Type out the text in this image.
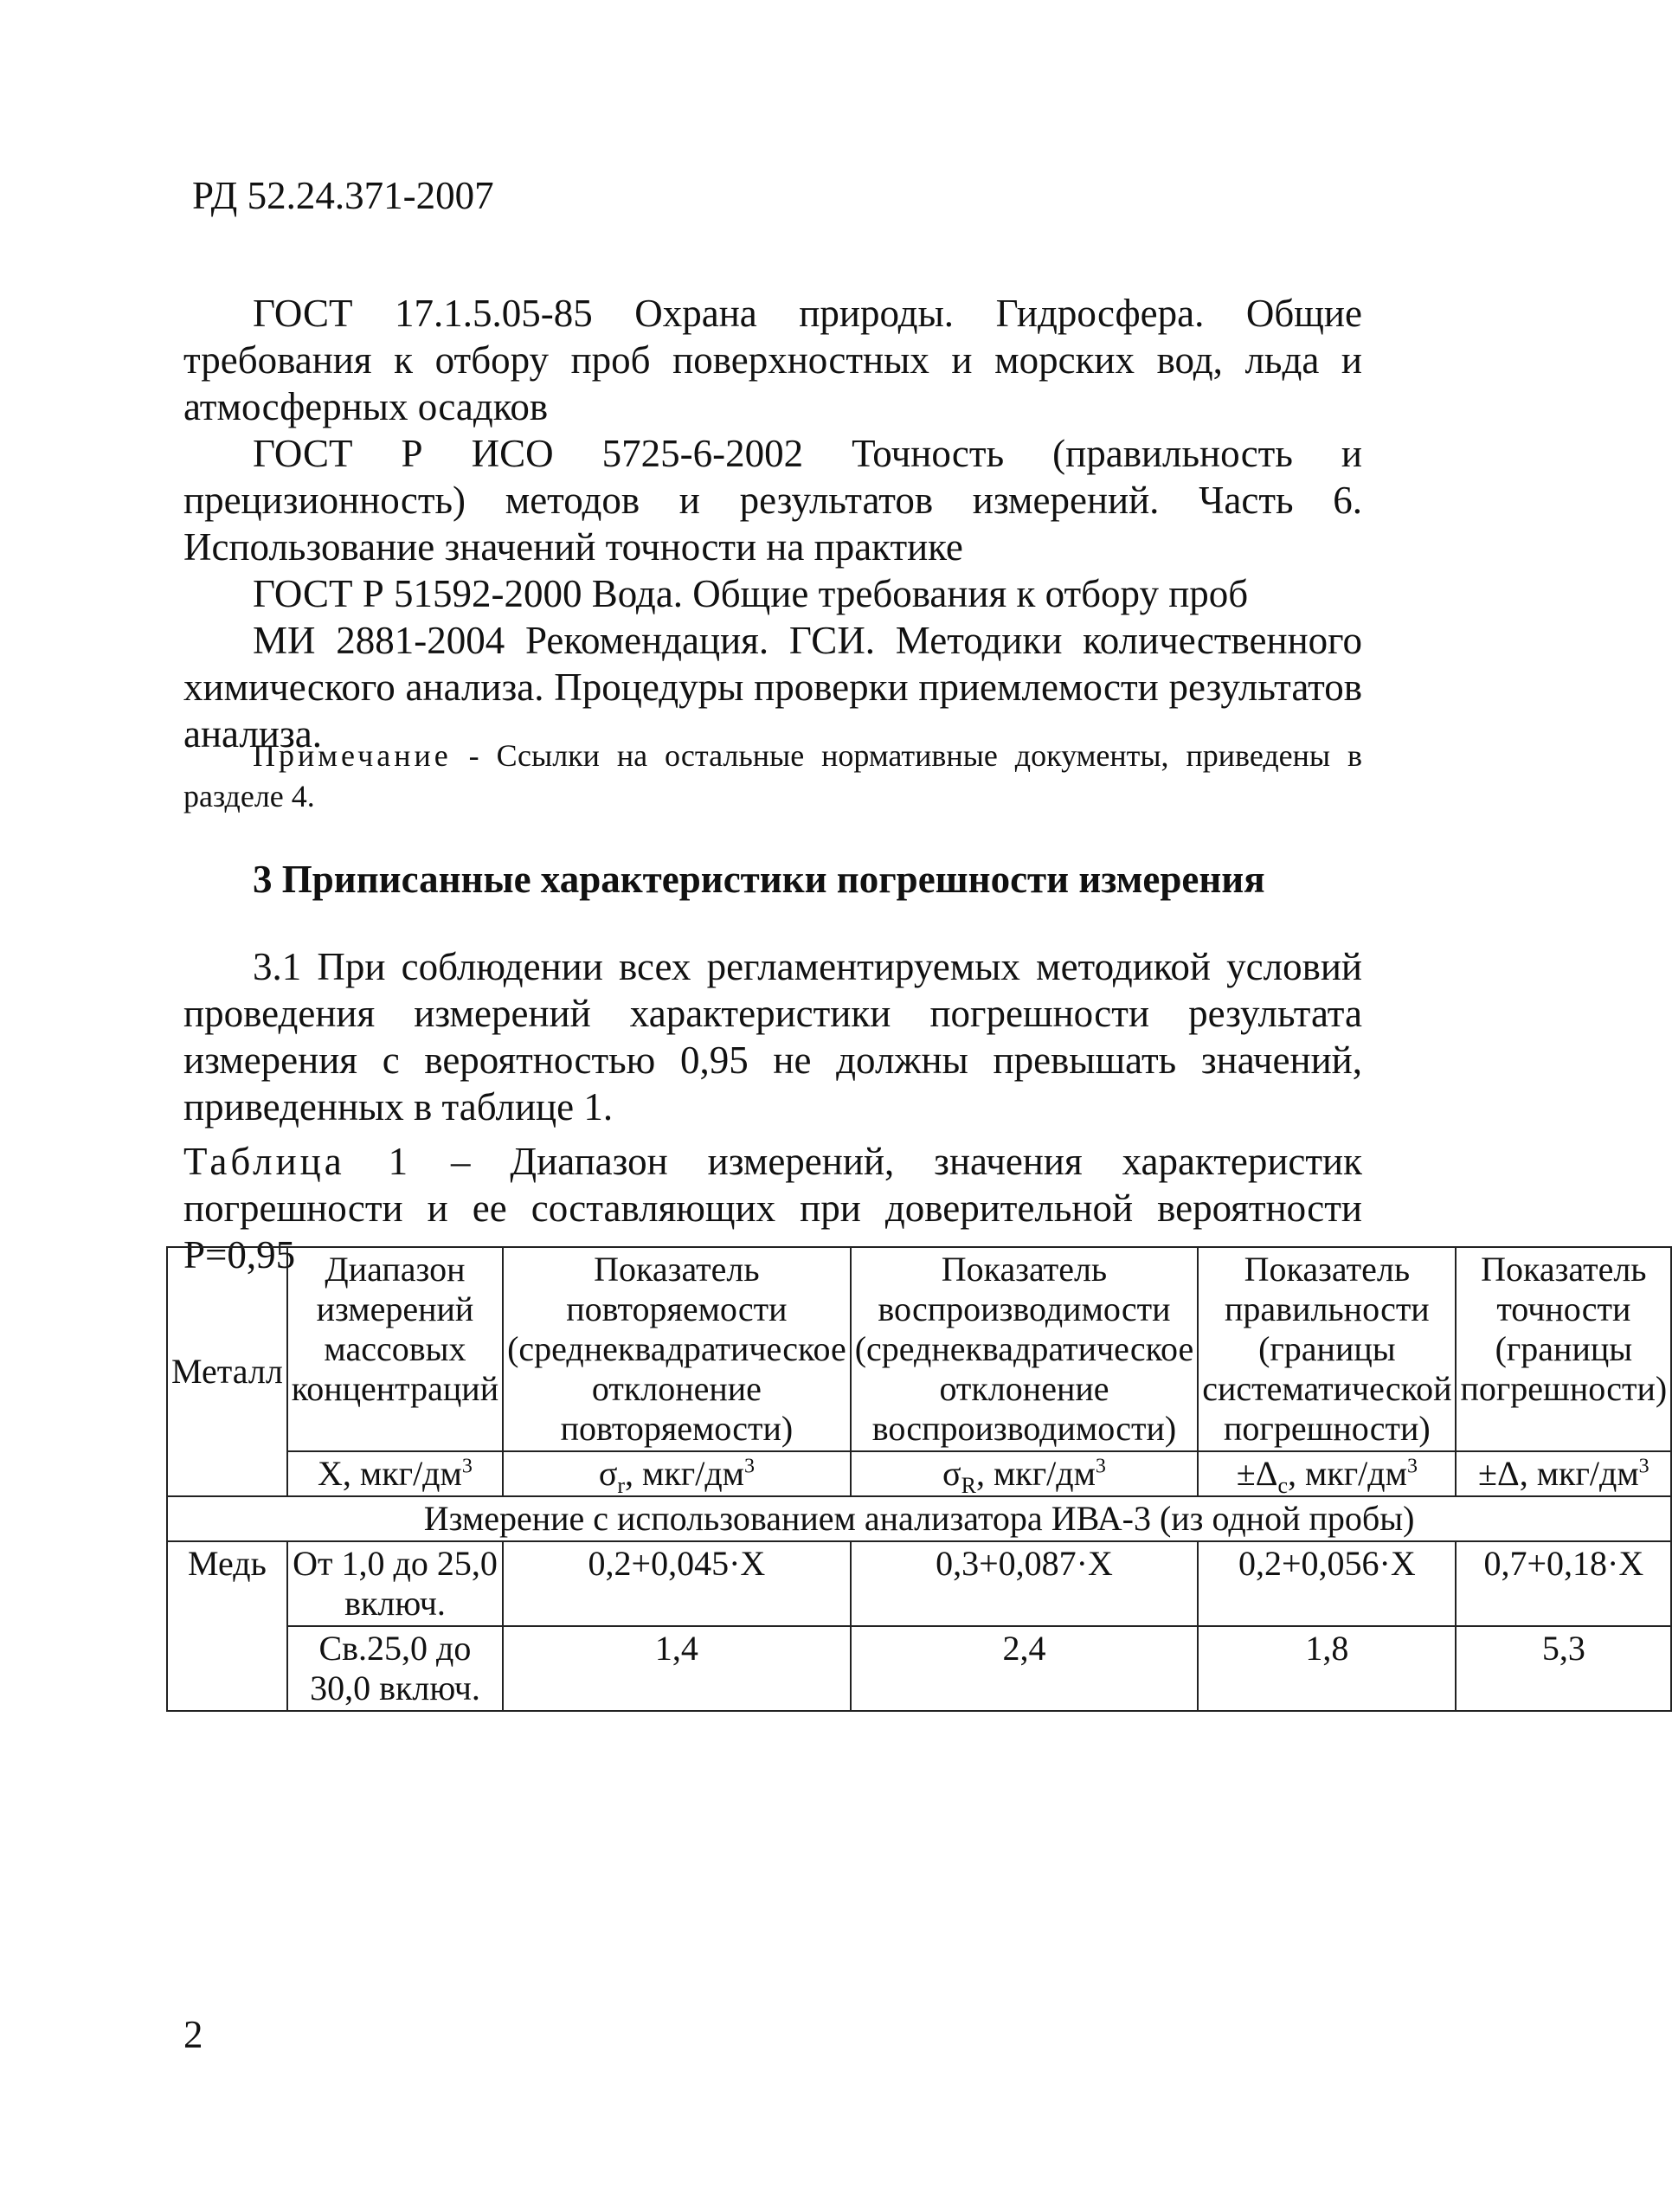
РД 52.24.371-2007

ГОСТ 17.1.5.05-85 Охрана природы. Гидросфера. Общие требования к отбору проб поверхностных и морских вод, льда и атмосферных осадков

ГОСТ Р ИСО 5725-6-2002 Точность (правильность и прецизионность) методов и результатов измерений. Часть 6. Использование значений точности на практике

ГОСТ Р 51592-2000 Вода. Общие требования к отбору проб

МИ 2881-2004 Рекомендация. ГСИ. Методики количественного химического анализа. Процедуры проверки приемлемости результатов анализа.

Примечание - Ссылки на остальные нормативные документы, приведены в разделе 4.
3 Приписанные характеристики погрешности измерения

3.1 При соблюдении всех регламентируемых методикой условий проведения измерений характеристики погрешности результата измерения с вероятностью 0,95 не должны превышать значений, приведенных в таблице 1.

Таблица 1 – Диапазон измерений, значения характеристик погрешности и ее составляющих при доверительной вероятности Р=0,95
Металл	Диапазон измерений массовых концентраций	Показатель повторяемости (среднеквадратическое отклонение повторяемости)	Показатель воспроизводимости (среднеквадратическое отклонение воспроизводимости)	Показатель правильности (границы систематической погрешности)	Показатель точности (границы погрешности)
	X, мкг/$дм^3$	$\sigma_r$, мкг/$дм^3$	$\sigma_R$, мкг/$дм^3$	$\pm\Delta_c$, мкг/$дм^3$	±Δ, мкг/$дм^3$
Измерение с использованием анализатора ИВА-3 (из одной пробы)					
Медь	От 1,0 до 25,0 включ.	0,2+0,045·X	0,3+0,087·X	0,2+0,056·X	0,7+0,18·X
	Св.25,0 до 30,0 включ.	1,4	2,4	1,8	5,3
2
